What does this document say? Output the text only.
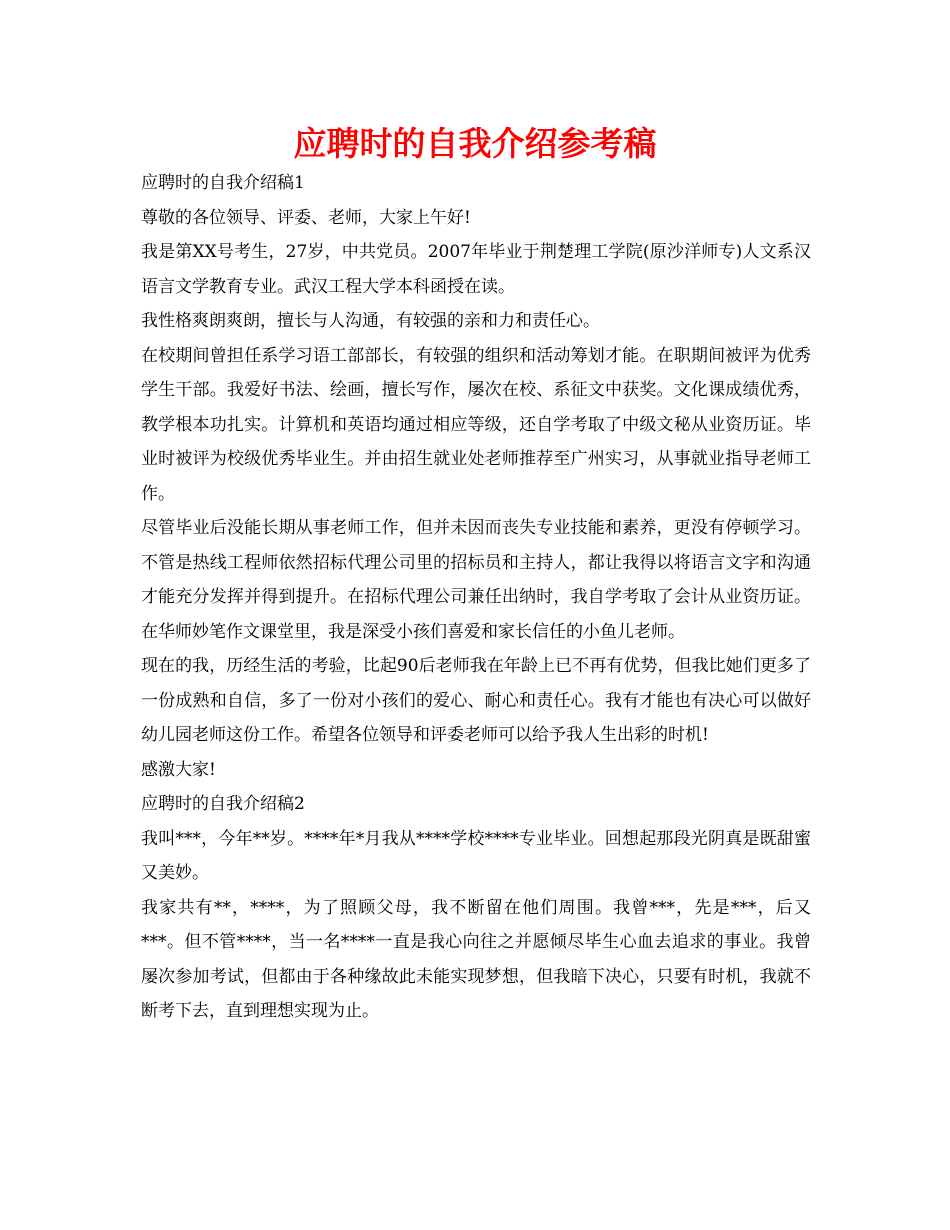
应聘时的自我介绍参考稿

应聘时的自我介绍稿1

尊敬的各位领导、评委、老师，大家上午好!

我是第XX号考生，27岁，中共党员。2007年毕业于荆楚理工学院(原沙洋师专)人文系汉语言文学教育专业。武汉工程大学本科函授在读。

我性格爽朗爽朗，擅长与人沟通，有较强的亲和力和责任心。

在校期间曾担任系学习语工部部长，有较强的组织和活动筹划才能。在职期间被评为优秀学生干部。我爱好书法、绘画，擅长写作，屡次在校、系征文中获奖。文化课成绩优秀，教学根本功扎实。计算机和英语均通过相应等级，还自学考取了中级文秘从业资历证。毕业时被评为校级优秀毕业生。并由招生就业处老师推荐至广州实习，从事就业指导老师工作。

尽管毕业后没能长期从事老师工作，但并未因而丧失专业技能和素养，更没有停顿学习。不管是热线工程师依然招标代理公司里的招标员和主持人，都让我得以将语言文字和沟通才能充分发挥并得到提升。在招标代理公司兼任出纳时，我自学考取了会计从业资历证。在华师妙笔作文课堂里，我是深受小孩们喜爱和家长信任的小鱼儿老师。

现在的我，历经生活的考验，比起90后老师我在年龄上已不再有优势，但我比她们更多了一份成熟和自信，多了一份对小孩们的爱心、耐心和责任心。我有才能也有决心可以做好幼儿园老师这份工作。希望各位领导和评委老师可以给予我人生出彩的时机!

感激大家!

应聘时的自我介绍稿2

我叫***，今年**岁。****年*月我从****学校****专业毕业。回想起那段光阴真是既甜蜜又美妙。

我家共有**，****，为了照顾父母，我不断留在他们周围。我曾***，先是***，后又***。但不管****，当一名****一直是我心向往之并愿倾尽毕生心血去追求的事业。我曾屡次参加考试，但都由于各种缘故此未能实现梦想，但我暗下决心，只要有时机，我就不断考下去，直到理想实现为止。
